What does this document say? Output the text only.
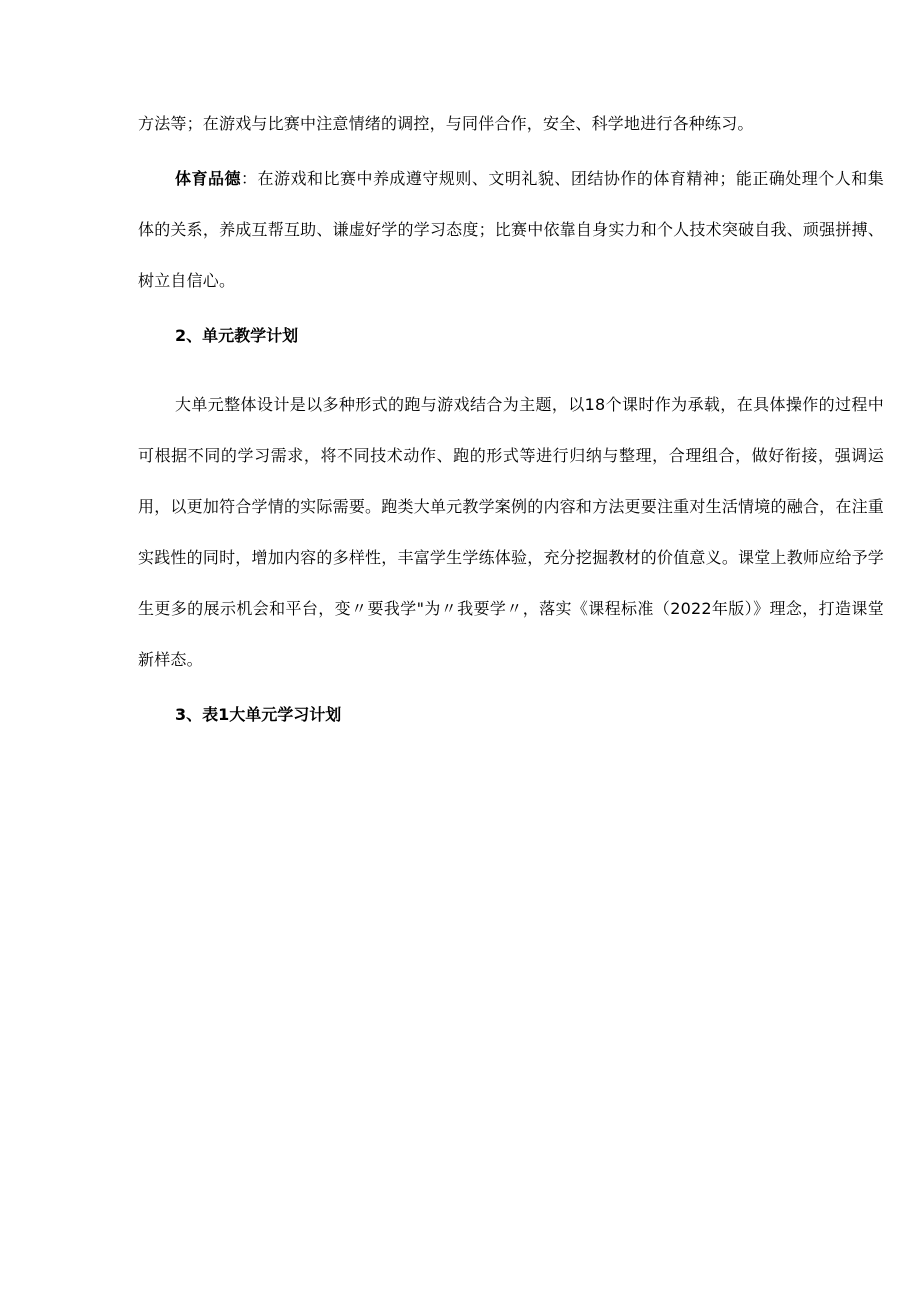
方法等；在游戏与比赛中注意情绪的调控，与同伴合作，安全、科学地进行各种练习。

体育品德：在游戏和比赛中养成遵守规则、文明礼貌、团结协作的体育精神；能正确处理个人和集体的关系，养成互帮互助、谦虚好学的学习态度；比赛中依靠自身实力和个人技术突破自我、顽强拼搏、树立自信心。

2、单元教学计划

大单元整体设计是以多种形式的跑与游戏结合为主题，以18个课时作为承载，在具体操作的过程中可根据不同的学习需求，将不同技术动作、跑的形式等进行归纳与整理，合理组合，做好衔接，强调运用，以更加符合学情的实际需要。跑类大单元教学案例的内容和方法更要注重对生活情境的融合，在注重实践性的同时，增加内容的多样性，丰富学生学练体验，充分挖掘教材的价值意义。课堂上教师应给予学生更多的展示机会和平台，变〃要我学"为〃我要学〃，落实《课程标准（2022年版）》理念，打造课堂新样态。

3、表1大单元学习计划
